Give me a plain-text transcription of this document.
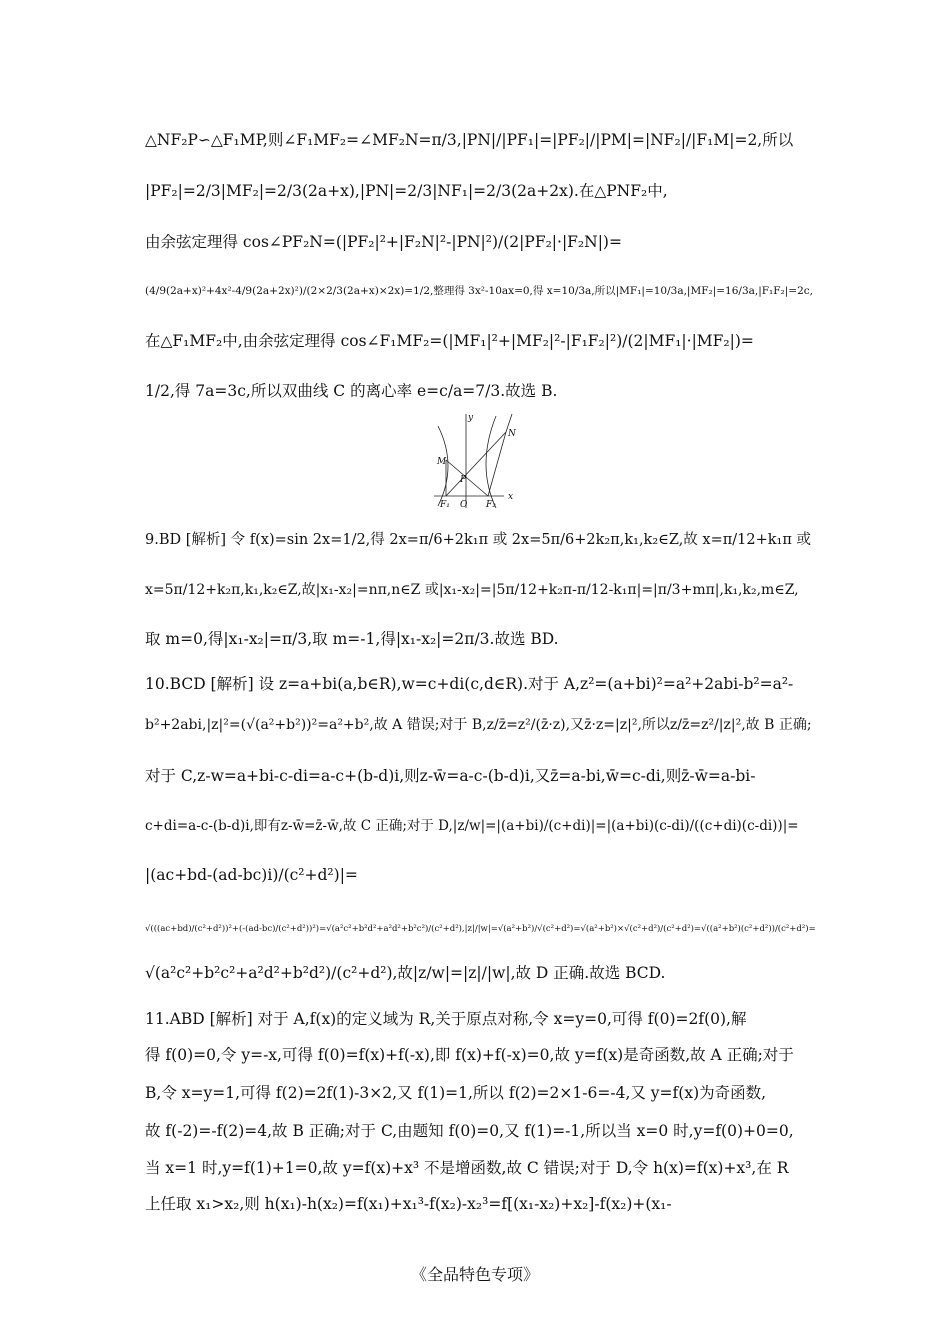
△NF₂P∽△F₁MP,则∠F₁MF₂=∠MF₂N=π/3,|PN|/|PF₁|=|PF₂|/|PM|=|NF₂|/|F₁M|=2,所以
|PF₂|=2/3|MF₂|=2/3(2a+x),|PN|=2/3|NF₁|=2/3(2a+2x).在△PNF₂中,
由余弦定理得 cos∠PF₂N=(|PF₂|²+|F₂N|²-|PN|²)/(2|PF₂|·|F₂N|)=
(4/9(2a+x)²+4x²-4/9(2a+2x)²)/(2×2/3(2a+x)×2x)=1/2,整理得 3x²-10ax=0,得 x=10/3a,所以|MF₁|=10/3a,|MF₂|=16/3a,|F₁F₂|=2c,
在△F₁MF₂中,由余弦定理得 cos∠F₁MF₂=(|MF₁|²+|MF₂|²-|F₁F₂|²)/(2|MF₁|·|MF₂|)=
1/2,得 7a=3c,所以双曲线 C 的离心率 e=c/a=7/3.故选 B.
y
x
N
M
P
F₁ O F₂
9.BD [解析] 令 f(x)=sin 2x=1/2,得 2x=π/6+2k₁π 或 2x=5π/6+2k₂π,k₁,k₂∈Z,故 x=π/12+k₁π 或
x=5π/12+k₂π,k₁,k₂∈Z,故|x₁-x₂|=nπ,n∈Z 或|x₁-x₂|=|5π/12+k₂π-π/12-k₁π|=|π/3+mπ|,k₁,k₂,m∈Z,
取 m=0,得|x₁-x₂|=π/3,取 m=-1,得|x₁-x₂|=2π/3.故选 BD.
10.BCD [解析] 设 z=a+bi(a,b∈R),w=c+di(c,d∈R).对于 A,z²=(a+bi)²=a²+2abi-b²=a²-
b²+2abi,|z|²=(√(a²+b²))²=a²+b²,故 A 错误;对于 B,z/z̄=z²/(z̄·z),又z̄·z=|z|²,所以z/z̄=z²/|z|²,故 B 正确;
对于 C,z-w=a+bi-c-di=a-c+(b-d)i,则z-w̄=a-c-(b-d)i,又z̄=a-bi,w̄=c-di,则z̄-w̄=a-bi-
c+di=a-c-(b-d)i,即有z-w̄=z̄-w̄,故 C 正确;对于 D,|z/w|=|(a+bi)/(c+di)|=|(a+bi)(c-di)/((c+di)(c-di))|=
|(ac+bd-(ad-bc)i)/(c²+d²)|=
√(((ac+bd)/(c²+d²))²+(-(ad-bc)/(c²+d²))²)=√(a²c²+b²d²+a²d²+b²c²)/(c²+d²),|z|/|w|=√(a²+b²)/√(c²+d²)=√(a²+b²)×√(c²+d²)/(c²+d²)=√((a²+b²)(c²+d²))/(c²+d²)=
√(a²c²+b²c²+a²d²+b²d²)/(c²+d²),故|z/w|=|z|/|w|,故 D 正确.故选 BCD.
11.ABD [解析] 对于 A,f(x)的定义域为 R,关于原点对称,令 x=y=0,可得 f(0)=2f(0),解
得 f(0)=0,令 y=-x,可得 f(0)=f(x)+f(-x),即 f(x)+f(-x)=0,故 y=f(x)是奇函数,故 A 正确;对于
B,令 x=y=1,可得 f(2)=2f(1)-3×2,又 f(1)=1,所以 f(2)=2×1-6=-4,又 y=f(x)为奇函数,
故 f(-2)=-f(2)=4,故 B 正确;对于 C,由题知 f(0)=0,又 f(1)=-1,所以当 x=0 时,y=f(0)+0=0,
当 x=1 时,y=f(1)+1=0,故 y=f(x)+x³ 不是增函数,故 C 错误;对于 D,令 h(x)=f(x)+x³,在 R
上任取 x₁>x₂,则 h(x₁)-h(x₂)=f(x₁)+x₁³-f(x₂)-x₂³=f[(x₁-x₂)+x₂]-f(x₂)+(x₁-
《全品特色专项》
